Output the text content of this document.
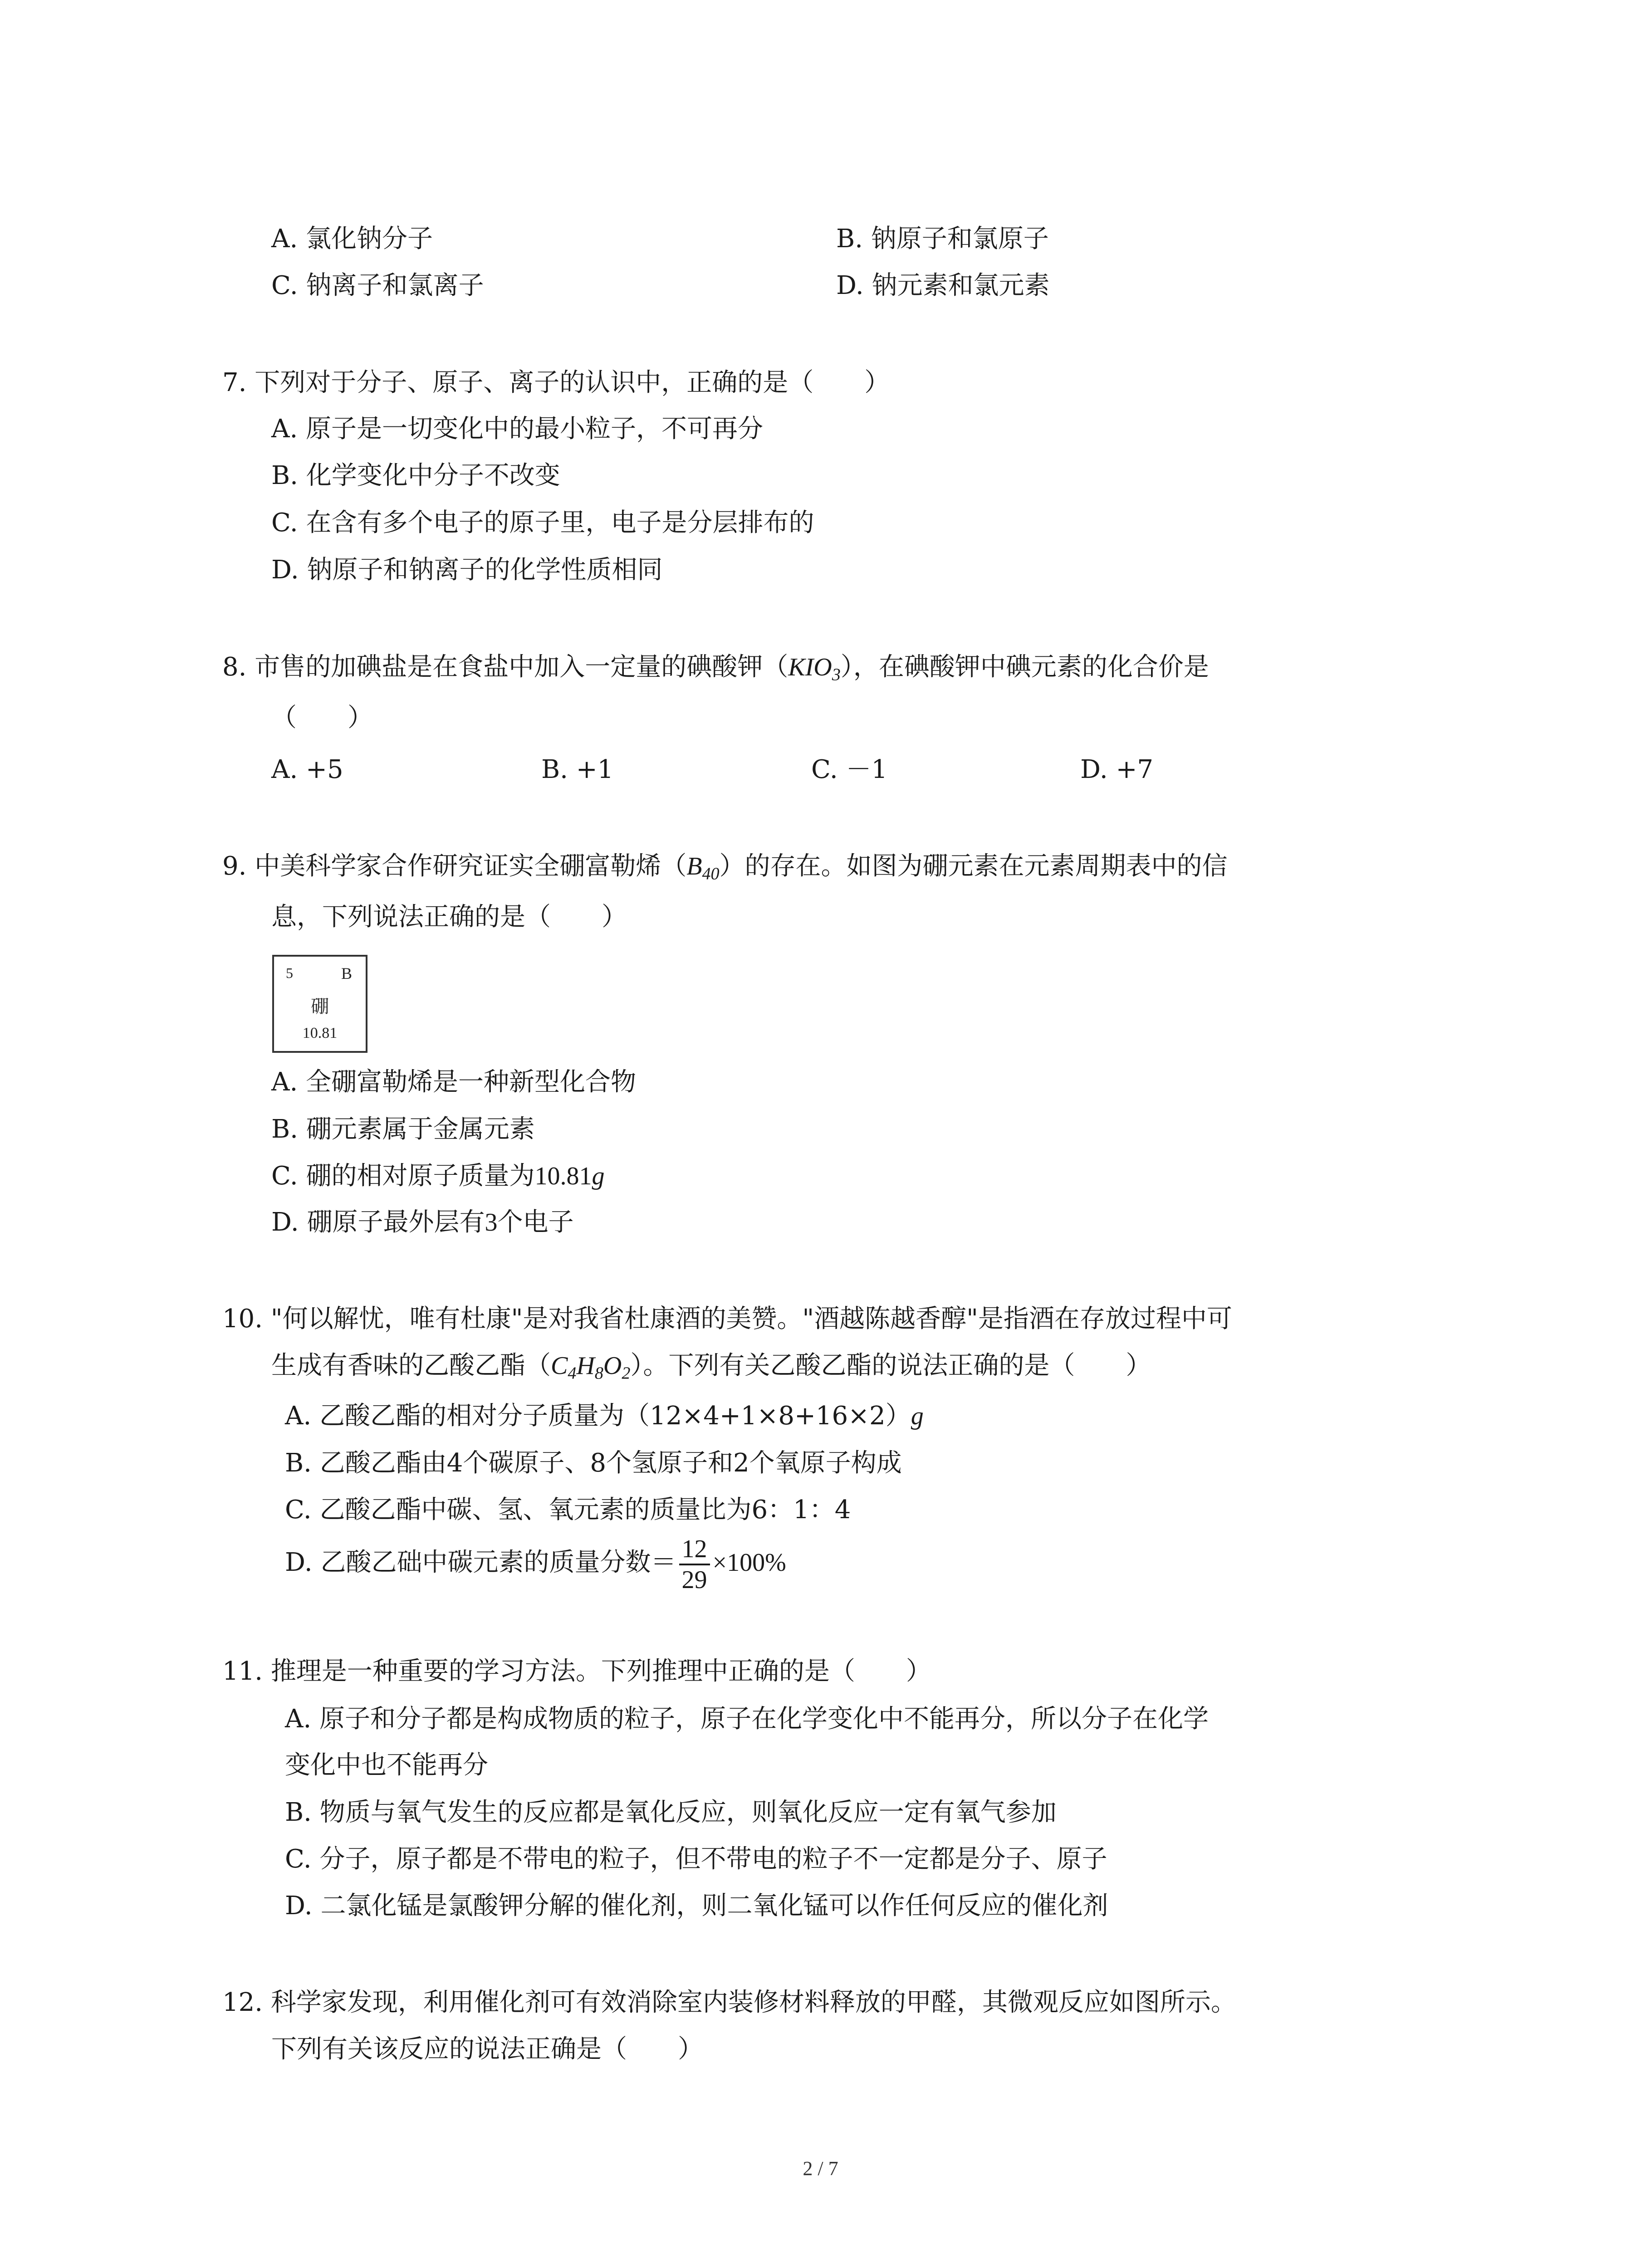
A. 氯化钠分子	B. 钠原子和氯原子
C. 钠离子和氯离子	D. 钠元素和氯元素
7. 下列对于分子、原子、离子的认识中，正确的是（　　）
A. 原子是一切变化中的最小粒子，不可再分
B. 化学变化中分子不改变
C. 在含有多个电子的原子里，电子是分层排布的
D. 钠原子和钠离子的化学性质相同
8. 市售的加碘盐是在食盐中加入一定量的碘酸钾$(KIO_3)$，在碘酸钾中碘元素的化合价是
（　　）
A. +5	B. +1	C. －1	D. +7
9. 中美科学家合作研究证实全硼富勒烯$(B_{40})$的存在。如图为硼元素在元素周期表中的信
息，下列说法正确的是（　　）
5	B
硼
10.81
A. 全硼富勒烯是一种新型化合物
B. 硼元素属于金属元素
C. 硼的相对原子质量为10.81g
D. 硼原子最外层有3个电子
10. "何以解忧，唯有杜康"是对我省杜康酒的美赞。"酒越陈越香醇"是指酒在存放过程中可
生成有香味的乙酸乙酯$(C_4H_8O_2)$。下列有关乙酸乙酯的说法正确的是（　　）
A. 乙酸乙酯的相对分子质量为（12×4+1×8+16×2）g
B. 乙酸乙酯由4个碳原子、8个氢原子和2个氧原子构成
C. 乙酸乙酯中碳、氢、氧元素的质量比为6：1：4
D. 乙酸乙础中碳元素的质量分数＝ $\frac{12}{29} \times 100\%$
11. 推理是一种重要的学习方法。下列推理中正确的是（　　）
A. 原子和分子都是构成物质的粒子，原子在化学变化中不能再分，所以分子在化学
变化中也不能再分
B. 物质与氧气发生的反应都是氧化反应，则氧化反应一定有氧气参加
C. 分子，原子都是不带电的粒子，但不带电的粒子不一定都是分子、原子
D. 二氯化锰是氯酸钾分解的催化剂，则二氧化锰可以作任何反应的催化剂
12. 科学家发现，利用催化剂可有效消除室内装修材料释放的甲醛，其微观反应如图所示。
下列有关该反应的说法正确是（　　）
2 / 7
